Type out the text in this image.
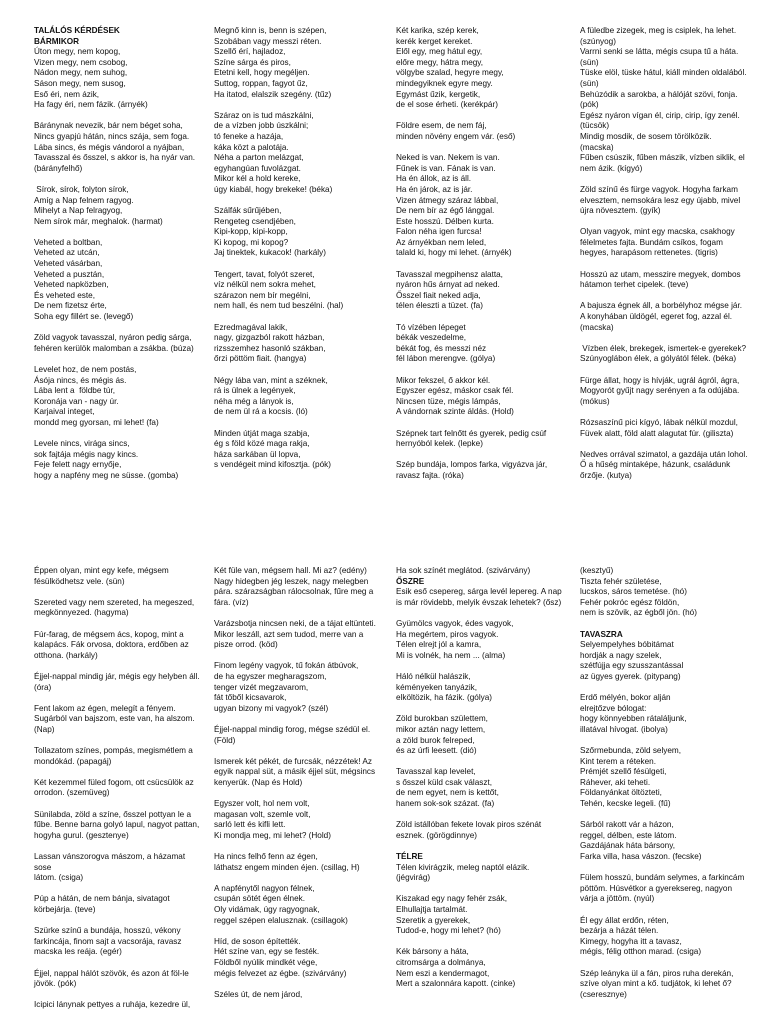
TALÁLÓS KÉRDÉSEK
BÁRMIKOR
Úton megy, nem kopog,
Vizen megy, nem csobog,
Nádon megy, nem suhog,
Sáson megy, nem susog,
Eső éri, nem ázik,
Ha fagy éri, nem fázik. (árnyék)
Báránynak nevezik, bár nem béget soha,
Nincs gyapjú hátán, nincs szája, sem foga.
Lába sincs, és mégis vándorol a nyájban,
Tavasszal és ősszel, s akkor is, ha nyár van.
(bárányfelhő)
Sírok, sírok, folyton sírok,
Amíg a Nap felnem ragyog.
Mihelyt a Nap felragyog,
Nem sírok már, meghalok. (harmat)
Veheted a boltban,
Veheted az utcán,
Veheted vásárban,
Veheted a pusztán,
Veheted napközben,
És veheted este,
De nem fizetsz érte,
Soha egy fillért se. (levegő)
Zöld vagyok tavasszal, nyáron pedig sárga,
fehéren kerülök malomban a zsákba. (búza)
Levelet hoz, de nem postás,
Ásója nincs, és mégis ás.
Lába lent a  földbe túr,
Koronája van - nagy úr.
Karjaival integet,
mondd meg gyorsan, mi lehet! (fa)
Levele nincs, virága sincs,
sok fajtája mégis nagy kincs.
Feje felett nagy ernyője,
hogy a napfény meg ne süsse. (gomba)
Megnő kinn is, benn is szépen,
Szobában vagy messzi réten.
Szellő érí, hajladoz,
Színe sárga és piros,
Etetni kell, hogy megéljen.
Suttog, roppan, fagyot űz,
Ha itatod, elalszik szegény. (tűz)
Száraz on is tud mászkálni,
de a vízben jobb úszkálni;
tó feneke a hazája,
káka közt a palotája.
Néha a parton melázgat,
egyhangúan fuvolázgat.
Mikor kél a hold kereke,
úgy kiabál, hogy brekeke! (béka)
Szálfák sűrűjében,
Rengeteg csendjében,
Kipi-kopp, kipi-kopp,
Ki kopog, mi kopog?
Jaj tinektek, kukacok! (harkály)
Tengert, tavat, folyót szeret,
víz nélkül nem sokra mehet,
szárazon nem bír megélni,
nem hall, és nem tud beszélni. (hal)
Ezredmagával lakik,
nagy, gizgazból rakott házban,
rizsszemhez hasonló szákban,
őrzi pöttöm fiait. (hangya)
Négy lába van, mint a széknek,
rá is ülnek a legények,
néha még a lányok is,
de nem ül rá a kocsis. (ló)
Minden útját maga szabja,
ég s föld közé maga rakja,
háza sarkában ül lopva,
s vendégeit mind kifosztja. (pók)
Két karika, szép kerek,
kerék kerget kereket.
Elől egy, meg hátul egy,
előre megy, hátra megy,
völgybe szalad, hegyre megy,
mindegyiknek egyre megy.
Egymást űzik, kergetik,
de el sose érheti. (kerékpár)
Földre esem, de nem fáj,
minden növény engem vár. (eső)
Neked is van. Nekem is van.
Fűnek is van. Fának is van.
Ha én állok, az is áll.
Ha én járok, az is jár.
Vizen átmegy száraz lábbal,
De nem bír az égő lánggal.
Este hosszú. Délben kurta.
Falon néha igen furcsa!
Az árnyékban nem leled,
talald ki, hogy mi lehet. (árnyék)
Tavasszal megpihensz alatta,
nyáron hűs árnyat ad neked.
Ősszel fiait neked adja,
télen éleszti a tüzet. (fa)
Tó vízében lépeget
békák veszedelme,
békát fog, és messzi néz
fél lábon merengve. (gólya)
Mikor fekszel, ő akkor kél.
Egyszer egész, máskor csak fél.
Nincsen tüze, mégis lámpás,
A vándornak szinte áldás. (Hold)
Szépnek tart felnőtt és gyerek, pedig csúf
hernyóból kelek. (lepke)
Szép bundája, lompos farka, vigyázva jár,
ravasz fajta. (róka)
A füledbe zizegek, meg is csiplek, ha lehet.
(szúnyog)
Varrni senki se látta, mégis csupa tű a háta.
(sün)
Tüske elöl, tüske hátul, kiáll minden oldalából.
(sün)
Behúzódik a sarokba, a hálóját szövi, fonja.
(pók)
Egész nyáron vígan él, cirip, cirip, így zenél.
(tücsök)
Mindig mosdik, de sosem törölközik.
(macska)
Fűben csúszik, fűben mászik, vízben siklik, el
nem ázik. (kígyó)
Zöld színű és fürge vagyok. Hogyha farkam
elvesztem, nemsokára lesz egy újabb, mivel
újra növesztem. (gyík)
Olyan vagyok, mint egy macska, csakhogy
félelmetes fajta. Bundám csíkos, fogam
hegyes, harapásom rettenetes. (tigris)
Hosszú az utam, messzire megyek, dombos
hátamon terhet cipelek. (teve)
A bajusza égnek áll, a borbélyhoz mégse jár.
A konyhában üldögél, egeret fog, azzal él.
(macska)
Vízben élek, brekegek, ismertek-e gyerekek?
Szúnyoglábon élek, a gólyától félek. (béka)
Fürge állat, hogy is hívják, ugrál ágról, ágra,
Mogyorót gyűjt nagy serényen a fa odújába.
(mókus)
Rózsaszínű pici kígyó, lábak nélkül mozdul,
Füvek alatt, föld alatt alagutat fúr. (giliszta)
Nedves orrával szimatol, a gazdája után lohol.
Ő a hűség mintaképe, házunk, családunk
őrzője. (kutya)
Éppen olyan, mint egy kefe, mégsem
fésülködhetsz vele. (sün)
Szereted vagy nem szereted, ha megeszed,
megkönnyezed. (hagyma)
Fúr-farag, de mégsem ács, kopog, mint a
kalapács. Fák orvosa, doktora, erdőben az
otthona. (harkály)
Éjjel-nappal mindig jár, mégis egy helyben áll.
(óra)
Fent lakom az égen, melegít a fényem.
Sugárból van bajszom, este van, ha alszom.
(Nap)
Tollazatom színes, pompás, megismétlem a
mondókád. (papagáj)
Két kezemmel füled fogom, ott csücsülök az
orrodon. (szemüveg)
Sünilabda, zöld a színe, ősszel pottyan le a
fűbe. Benne barna golyó lapul, nagyot pattan,
hogyha gurul. (gesztenye)
Lassan vánszorogva mászom, a házamat sose
látom. (csiga)
Púp a hátán, de nem bánja, sivatagot
körbejárja. (teve)
Szürke színű a bundája, hosszú, vékony
farkincája, finom sajt a vacsorája, ravasz
macska les reája. (egér)
Éjjel, nappal hálót szövök, és azon át föl-le
jövök. (pók)
Icipici lánynak pettyes a ruhája, kezedre ül,
Két füle van, mégsem hall. Mi az? (edény)
Nagy hidegben jég leszek, nagy melegben
pára. szárazságban rálocsolnak, fűre meg a
fára. (víz)
Varázsbotja nincsen neki, de a tájat eltünteti.
Mikor leszáll, azt sem tudod, merre van a
pisze orrod. (köd)
Finom legény vagyok, tű fokán átbúvok,
de ha egyszer megharagszom,
tenger vizét megzavarom,
fát tőből kicsavarok,
ugyan bizony mi vagyok? (szél)
Éjjel-nappal mindig forog, mégse szédül el.
(Föld)
Ismerek két pékét, de furcsák, nézzétek! Az
egyik nappal süt, a másik éjjel süt, mégsincs
kenyerük. (Nap és Hold)
Egyszer volt, hol nem volt,
magasan volt, szemle volt,
sarló lett és kifli lett.
Ki mondja meg, mi lehet? (Hold)
Ha nincs felhő fenn az égen,
láthatsz engem minden éjen. (csillag, H)
A napfénytől nagyon félnek,
csupán sötét égen élnek.
Oly vidámak, úgy ragyognak,
reggel szépen elalusznak. (csillagok)
Híd, de soson építették.
Hét színe van, egy se festék.
Földből nyúlik mindkét vége,
mégis felvezet az égbe. (szivárvány)
Széles út, de nem járod,
Ha sok színét meglátod. (szivárvány)
ŐSZRE
Esik eső csepereg, sárga levél lepereg. A nap
is már rövidebb, melyik évszak lehetek? (ősz)
Gyümölcs vagyok, édes vagyok,
Ha megértem, piros vagyok.
Télen elrejt jól a kamra,
Mi is volnék, ha nem ... (alma)
Háló nélkül halászik,
kéményeken tanyázik,
elköltözik, ha fázik. (gólya)
Zöld burokban születtem,
mikor aztán nagy lettem,
a zöld burok felreped,
és az úrfi leesett. (dió)
Tavasszal kap levelet,
s ősszel küld csak választ,
de nem egyet, nem is kettőt,
hanem sok-sok százat. (fa)
Zöld istállóban fekete lovak piros szénát
esznek. (görögdinnye)
TÉLRE
Télen kivirágzik, meleg naptól elázik.
(jégvirág)
Kiszakad egy nagy fehér zsák,
Elhullajtja tartalmát.
Szeretik a gyerekek,
Tudod-e, hogy mi lehet? (hó)
Kék bársony a háta,
citromsárga a dolmánya,
Nem eszi a kendermagot,
Mert a szalonnára kapott. (cinke)
(kesztyű)
Tiszta fehér születése,
lucskos, sáros temetése. (hó)
Fehér pokróc egész földön,
nem is szövik, az égből jön. (hó)
TAVASZRA
Selyempelyhes bóbitámat
hordják a nagy szelek,
szétfújja egy szusszantással
az ügyes gyerek. (pitypang)
Erdő mélyén, bokor alján
elrejtőzve bólogat:
hogy könnyebben rátaláljunk,
illatával hívogat. (ibolya)
Szőrmebunda, zöld selyem,
Kint terem a réteken.
Prémjét szellő fésülgeti,
Ráhever, aki teheti.
Földanyánkat öltözteti,
Tehén, kecske legeli. (fű)
Sárból rakott vár a házon,
reggel, délben, este látom.
Gazdájának háta bársony,
Farka villa, hasa vászon. (fecske)
Fülem hosszú, bundám selymes, a farkincám
pöttöm. Húsvétkor a gyereksereg, nagyon
várja a jöttöm. (nyúl)
Él egy állat erdőn, réten,
bezárja a házát télen.
Kimegy, hogyha itt a tavasz,
mégis, félig otthon marad. (csiga)
Szép leányka ül a fán, piros ruha derekán,
szíve olyan mint a kő. tudjátok, ki lehet ő?
(cseresznye)
